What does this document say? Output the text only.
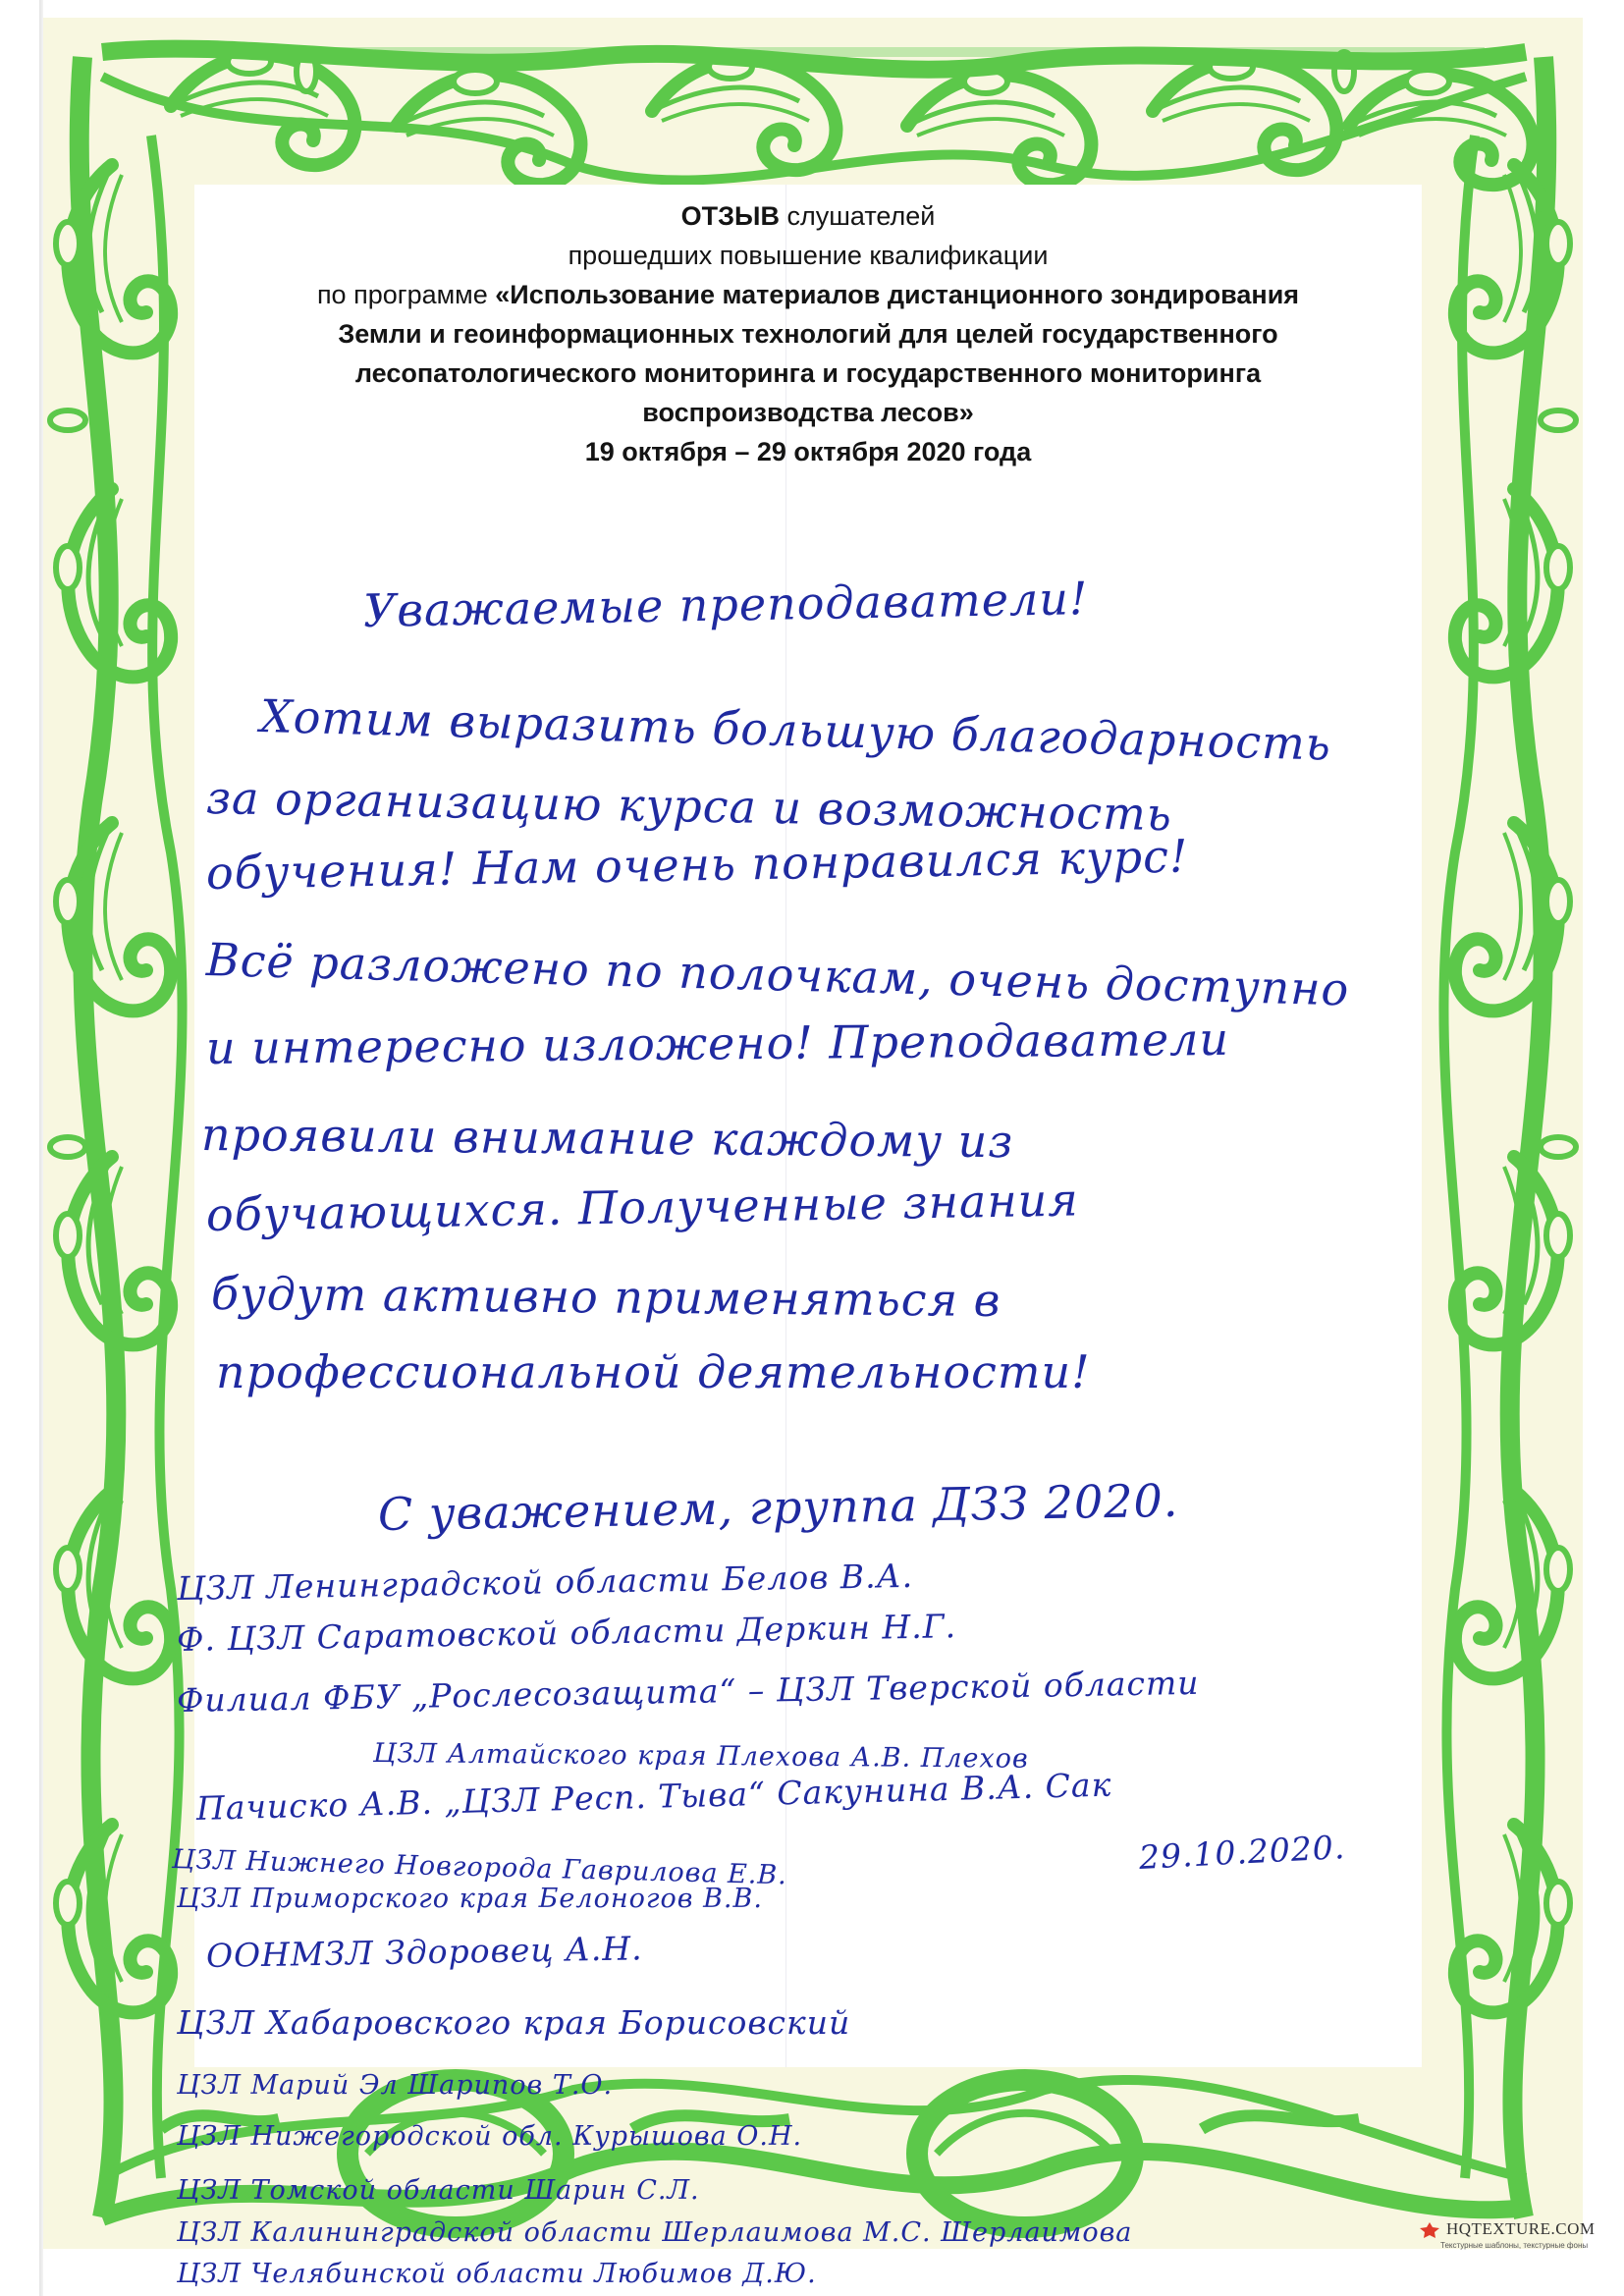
ОТЗЫВ слушателей
прошедших повышение квалификации
по программе «Использование материалов дистанционного зондирования
Земли и геоинформационных технологий для целей государственного
лесопатологического мониторинга и государственного мониторинга
воспроизводства лесов»
19 октября – 29 октября 2020 года
Уважаемые преподаватели!
Хотим выразить большую благодарность
за организацию курса и возможность
обучения! Нам очень понравился курс!
Всё разложено по полочкам, очень доступно
и интересно изложено! Преподаватели
проявили внимание каждому из
обучающихся. Полученные знания
будут активно применяться в
профессиональной деятельности!
С уважением, группа ДЗЗ 2020.
ЦЗЛ Ленинградской области Белов В.А.
Ф. ЦЗЛ Саратовской области Деркин Н.Г.
Филиал ФБУ „Рослесозащита“ – ЦЗЛ Тверской области
ЦЗЛ Алтайского края Плехова А.В. Плехов
Пачиско А.В. „ЦЗЛ Респ. Тыва“ Сакунина В.А. Сак
ЦЗЛ Нижнего Новгорода Гаврилова Е.В.	29.10.2020.
ЦЗЛ Приморского края Белоногов В.В.
ООНМЗЛ Здоровец А.Н.
ЦЗЛ Хабаровского края Борисовский
ЦЗЛ Марий Эл Шарипов Т.О.
ЦЗЛ Нижегородской обл. Курышова О.Н.
ЦЗЛ Томской области Шарин С.Л.
ЦЗЛ Калининградской области Шерлаимова М.С. Шерлаимова
ЦЗЛ Челябинской области Любимов Д.Ю.
HQTEXTURE.COM
Текстурные шаблоны, текстурные фоны
